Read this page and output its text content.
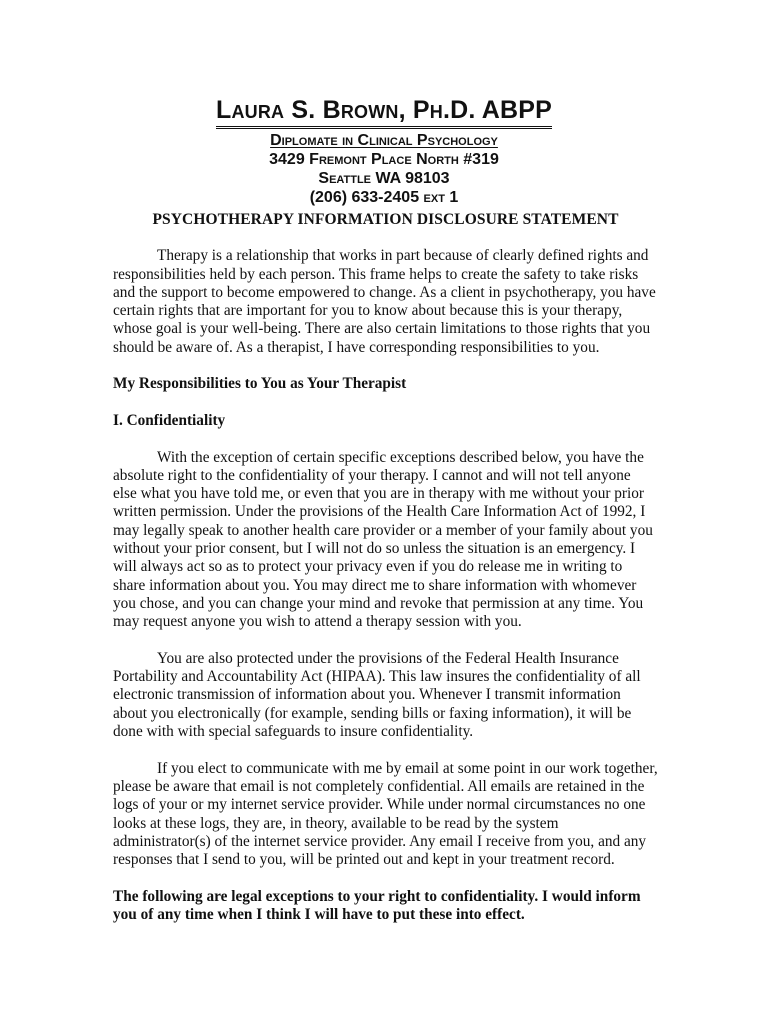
Laura S. Brown, Ph.D. ABPP
Diplomate in Clinical Psychology
3429 Fremont Place North #319
Seattle WA 98103
(206) 633-2405 ext 1
PSYCHOTHERAPY INFORMATION DISCLOSURE STATEMENT

Therapy is a relationship that works in part because of clearly defined rights and responsibilities held by each person. This frame helps to create the safety to take risks and the support to become empowered to change. As a client in psychotherapy, you have certain rights that are important for you to know about because this is your therapy, whose goal is your well-being. There are also certain limitations to those rights that you should be aware of. As a therapist, I have corresponding responsibilities to you.

My Responsibilities to You as Your Therapist

I. Confidentiality

With the exception of certain specific exceptions described below, you have the absolute right to the confidentiality of your therapy. I cannot and will not tell anyone else what you have told me, or even that you are in therapy with me without your prior written permission. Under the provisions of the Health Care Information Act of 1992, I may legally speak to another health care provider or a member of your family about you without your prior consent, but I will not do so unless the situation is an emergency. I will always act so as to protect your privacy even if you do release me in writing to share information about you. You may direct me to share information with whomever you chose, and you can change your mind and revoke that permission at any time. You may request anyone you wish to attend a therapy session with you.

You are also protected under the provisions of the Federal Health Insurance Portability and Accountability Act (HIPAA). This law insures the confidentiality of all electronic transmission of information about you. Whenever I transmit information about you electronically (for example, sending bills or faxing information), it will be done with with special safeguards to insure confidentiality.

If you elect to communicate with me by email at some point in our work together, please be aware that email is not completely confidential. All emails are retained in the logs of your or my internet service provider. While under normal circumstances no one looks at these logs, they are, in theory, available to be read by the system administrator(s) of the internet service provider. Any email I receive from you, and any responses that I send to you, will be printed out and kept in your treatment record.

The following are legal exceptions to your right to confidentiality. I would inform you of any time when I think I will have to put these into effect.
